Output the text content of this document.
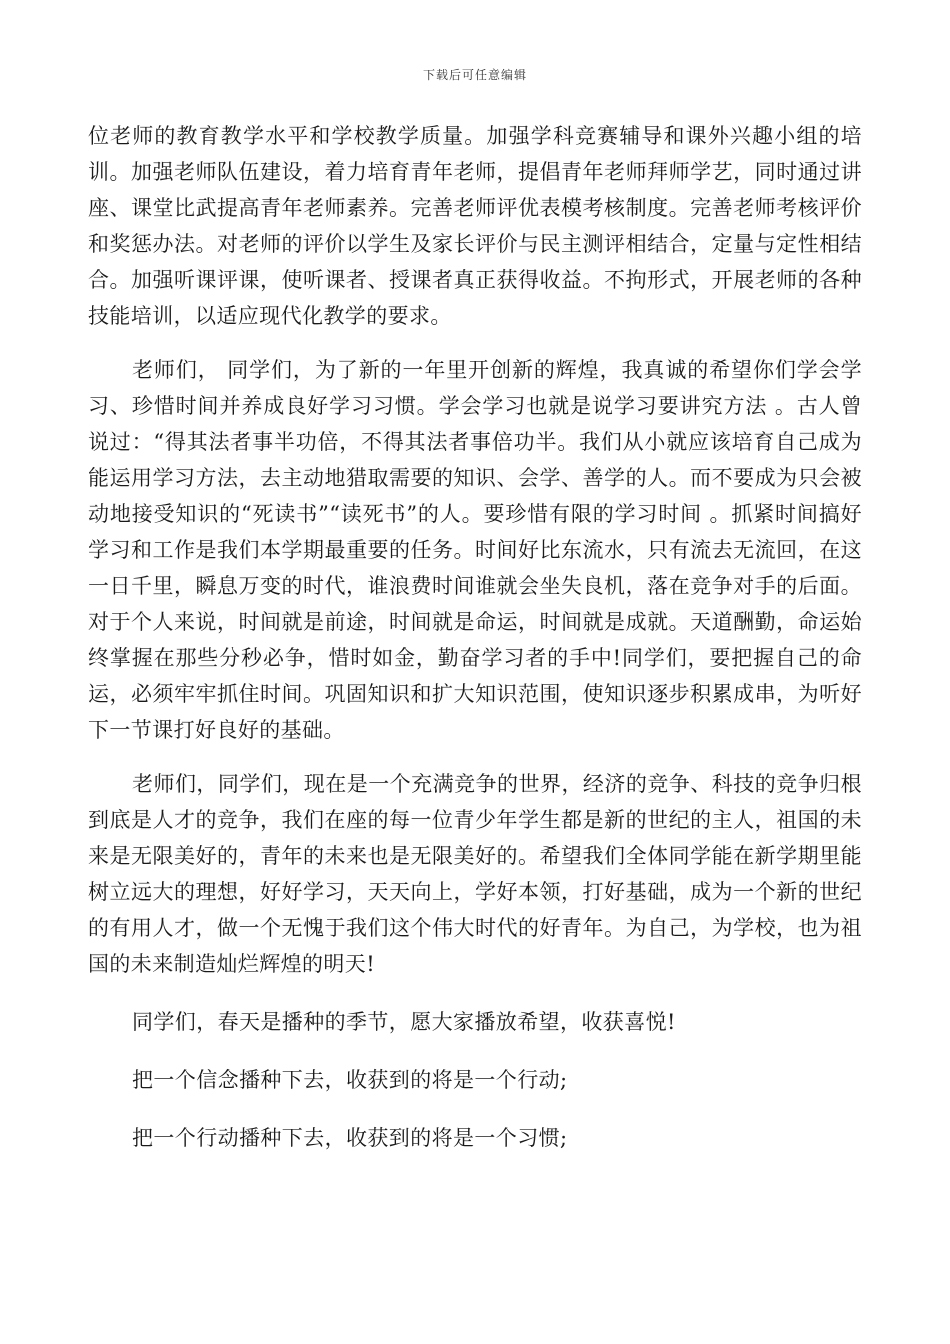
下载后可任意编辑

位老师的教育教学水平和学校教学质量。加强学科竞赛辅导和课外兴趣小组的培训。加强老师队伍建设，着力培育青年老师，提倡青年老师拜师学艺，同时通过讲座、课堂比武提高青年老师素养。完善老师评优表模考核制度。完善老师考核评价和奖惩办法。对老师的评价以学生及家长评价与民主测评相结合，定量与定性相结合。加强听课评课，使听课者、授课者真正获得收益。不拘形式，开展老师的各种技能培训，以适应现代化教学的要求。

老师们， 同学们，为了新的一年里开创新的辉煌，我真诚的希望你们学会学习、珍惜时间并养成良好学习习惯。学会学习也就是说学习要讲究方法 。古人曾说过：“得其法者事半功倍，不得其法者事倍功半。我们从小就应该培育自己成为能运用学习方法，去主动地猎取需要的知识、会学、善学的人。而不要成为只会被动地接受知识的“死读书”“读死书”的人。要珍惜有限的学习时间 。抓紧时间搞好学习和工作是我们本学期最重要的任务。时间好比东流水，只有流去无流回，在这一日千里，瞬息万变的时代，谁浪费时间谁就会坐失良机，落在竞争对手的后面。对于个人来说，时间就是前途，时间就是命运，时间就是成就。天道酬勤，命运始终掌握在那些分秒必争，惜时如金，勤奋学习者的手中!同学们，要把握自己的命运，必须牢牢抓住时间。巩固知识和扩大知识范围，使知识逐步积累成串，为听好下一节课打好良好的基础。

老师们，同学们，现在是一个充满竞争的世界，经济的竞争、科技的竞争归根到底是人才的竞争，我们在座的每一位青少年学生都是新的世纪的主人，祖国的未来是无限美好的，青年的未来也是无限美好的。希望我们全体同学能在新学期里能树立远大的理想，好好学习，天天向上，学好本领，打好基础，成为一个新的世纪的有用人才，做一个无愧于我们这个伟大时代的好青年。为自己，为学校，也为祖国的未来制造灿烂辉煌的明天!

同学们，春天是播种的季节，愿大家播放希望，收获喜悦!

把一个信念播种下去，收获到的将是一个行动;

把一个行动播种下去，收获到的将是一个习惯;
